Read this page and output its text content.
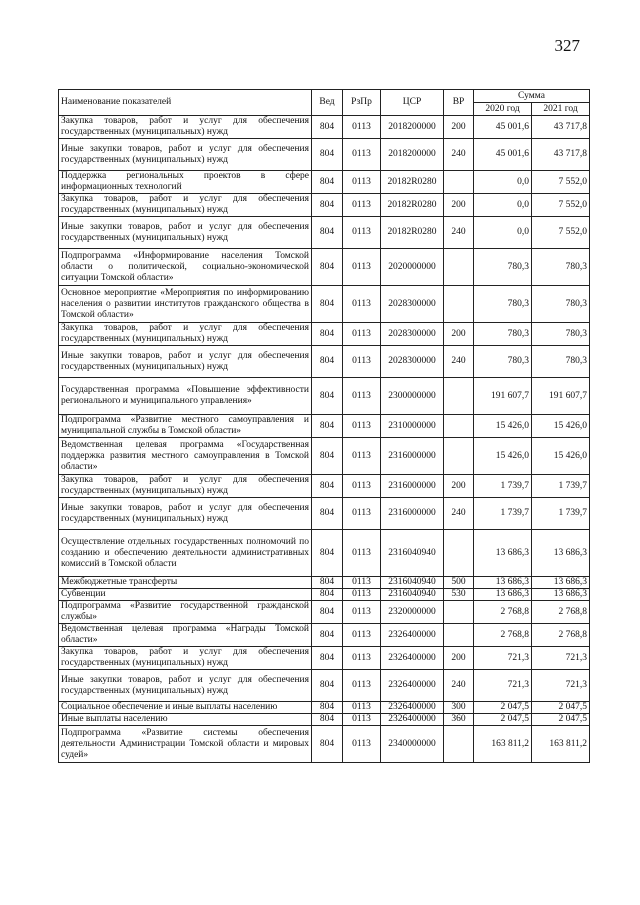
327
Наименование показателей	Вед	РзПр	ЦСР	ВР	Сумма	
					2020 год	2021 год
Закупка товаров, работ и услуг для обеспечения государственных (муниципальных) нужд	804	0113	2018200000	200	45 001,6	43 717,8
Иные закупки товаров, работ и услуг для обеспечения государственных (муниципальных) нужд	804	0113	2018200000	240	45 001,6	43 717,8
Поддержка региональных проектов в сфере информационных технологий	804	0113	20182R0280		0,0	7 552,0
Закупка товаров, работ и услуг для обеспечения государственных (муниципальных) нужд	804	0113	20182R0280	200	0,0	7 552,0
Иные закупки товаров, работ и услуг для обеспечения государственных (муниципальных) нужд	804	0113	20182R0280	240	0,0	7 552,0
Подпрограмма «Информирование населения Томской области о политической, социально-экономической ситуации Томской области»	804	0113	2020000000		780,3	780,3
Основное мероприятие «Мероприятия по информированию населения о развитии институтов гражданского общества в Томской области»	804	0113	2028300000		780,3	780,3
Закупка товаров, работ и услуг для обеспечения государственных (муниципальных) нужд	804	0113	2028300000	200	780,3	780,3
Иные закупки товаров, работ и услуг для обеспечения государственных (муниципальных) нужд	804	0113	2028300000	240	780,3	780,3
Государственная программа «Повышение эффективности регионального и муниципального управления»	804	0113	2300000000		191 607,7	191 607,7
Подпрограмма «Развитие местного самоуправления и муниципальной службы в Томской области»	804	0113	2310000000		15 426,0	15 426,0
Ведомственная целевая программа «Государственная поддержка развития местного самоуправления в Томской области»	804	0113	2316000000		15 426,0	15 426,0
Закупка товаров, работ и услуг для обеспечения государственных (муниципальных) нужд	804	0113	2316000000	200	1 739,7	1 739,7
Иные закупки товаров, работ и услуг для обеспечения государственных (муниципальных) нужд	804	0113	2316000000	240	1 739,7	1 739,7
Осуществление отдельных государственных полномочий по созданию и обеспечению деятельности административных комиссий в Томской области	804	0113	2316040940		13 686,3	13 686,3
Межбюджетные трансферты	804	0113	2316040940	500	13 686,3	13 686,3
Субвенции	804	0113	2316040940	530	13 686,3	13 686,3
Подпрограмма «Развитие государственной гражданской службы»	804	0113	2320000000		2 768,8	2 768,8
Ведомственная целевая программа «Награды Томской области»	804	0113	2326400000		2 768,8	2 768,8
Закупка товаров, работ и услуг для обеспечения государственных (муниципальных) нужд	804	0113	2326400000	200	721,3	721,3
Иные закупки товаров, работ и услуг для обеспечения государственных (муниципальных) нужд	804	0113	2326400000	240	721,3	721,3
Социальное обеспечение и иные выплаты населению	804	0113	2326400000	300	2 047,5	2 047,5
Иные выплаты населению	804	0113	2326400000	360	2 047,5	2 047,5
Подпрограмма «Развитие системы обеспечения деятельности Администрации Томской области и мировых судей»	804	0113	2340000000		163 811,2	163 811,2
